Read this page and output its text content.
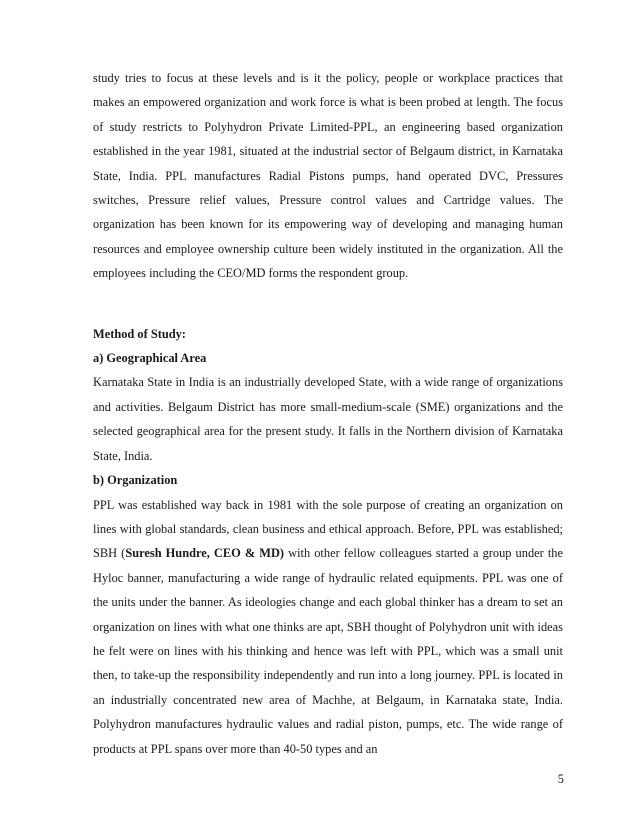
study tries to focus at these levels and is it the policy, people or workplace practices that makes an empowered organization and work force is what is been probed at length. The focus of study restricts to Polyhydron Private Limited-PPL, an engineering based organization established in the year 1981, situated at the industrial sector of Belgaum district, in Karnataka State, India. PPL manufactures Radial Pistons pumps, hand operated DVC, Pressures switches, Pressure relief values, Pressure control values and Cartridge values. The organization has been known for its empowering way of developing and managing human resources and employee ownership culture been widely instituted in the organization. All the employees including the CEO/MD forms the respondent group.

Method of Study:

a) Geographical Area

Karnataka State in India is an industrially developed State, with a wide range of organizations and activities. Belgaum District has more small-medium-scale (SME) organizations and the selected geographical area for the present study. It falls in the Northern division of Karnataka State, India.

b) Organization

PPL was established way back in 1981 with the sole purpose of creating an organization on lines with global standards, clean business and ethical approach. Before, PPL was established; SBH (Suresh Hundre, CEO & MD) with other fellow colleagues started a group under the Hyloc banner, manufacturing a wide range of hydraulic related equipments. PPL was one of the units under the banner. As ideologies change and each global thinker has a dream to set an organization on lines with what one thinks are apt, SBH thought of Polyhydron unit with ideas he felt were on lines with his thinking and hence was left with PPL, which was a small unit then, to take-up the responsibility independently and run into a long journey. PPL is located in an industrially concentrated new area of Machhe, at Belgaum, in Karnataka state, India. Polyhydron manufactures hydraulic values and radial piston, pumps, etc. The wide range of products at PPL spans over more than 40-50 types and an

5
